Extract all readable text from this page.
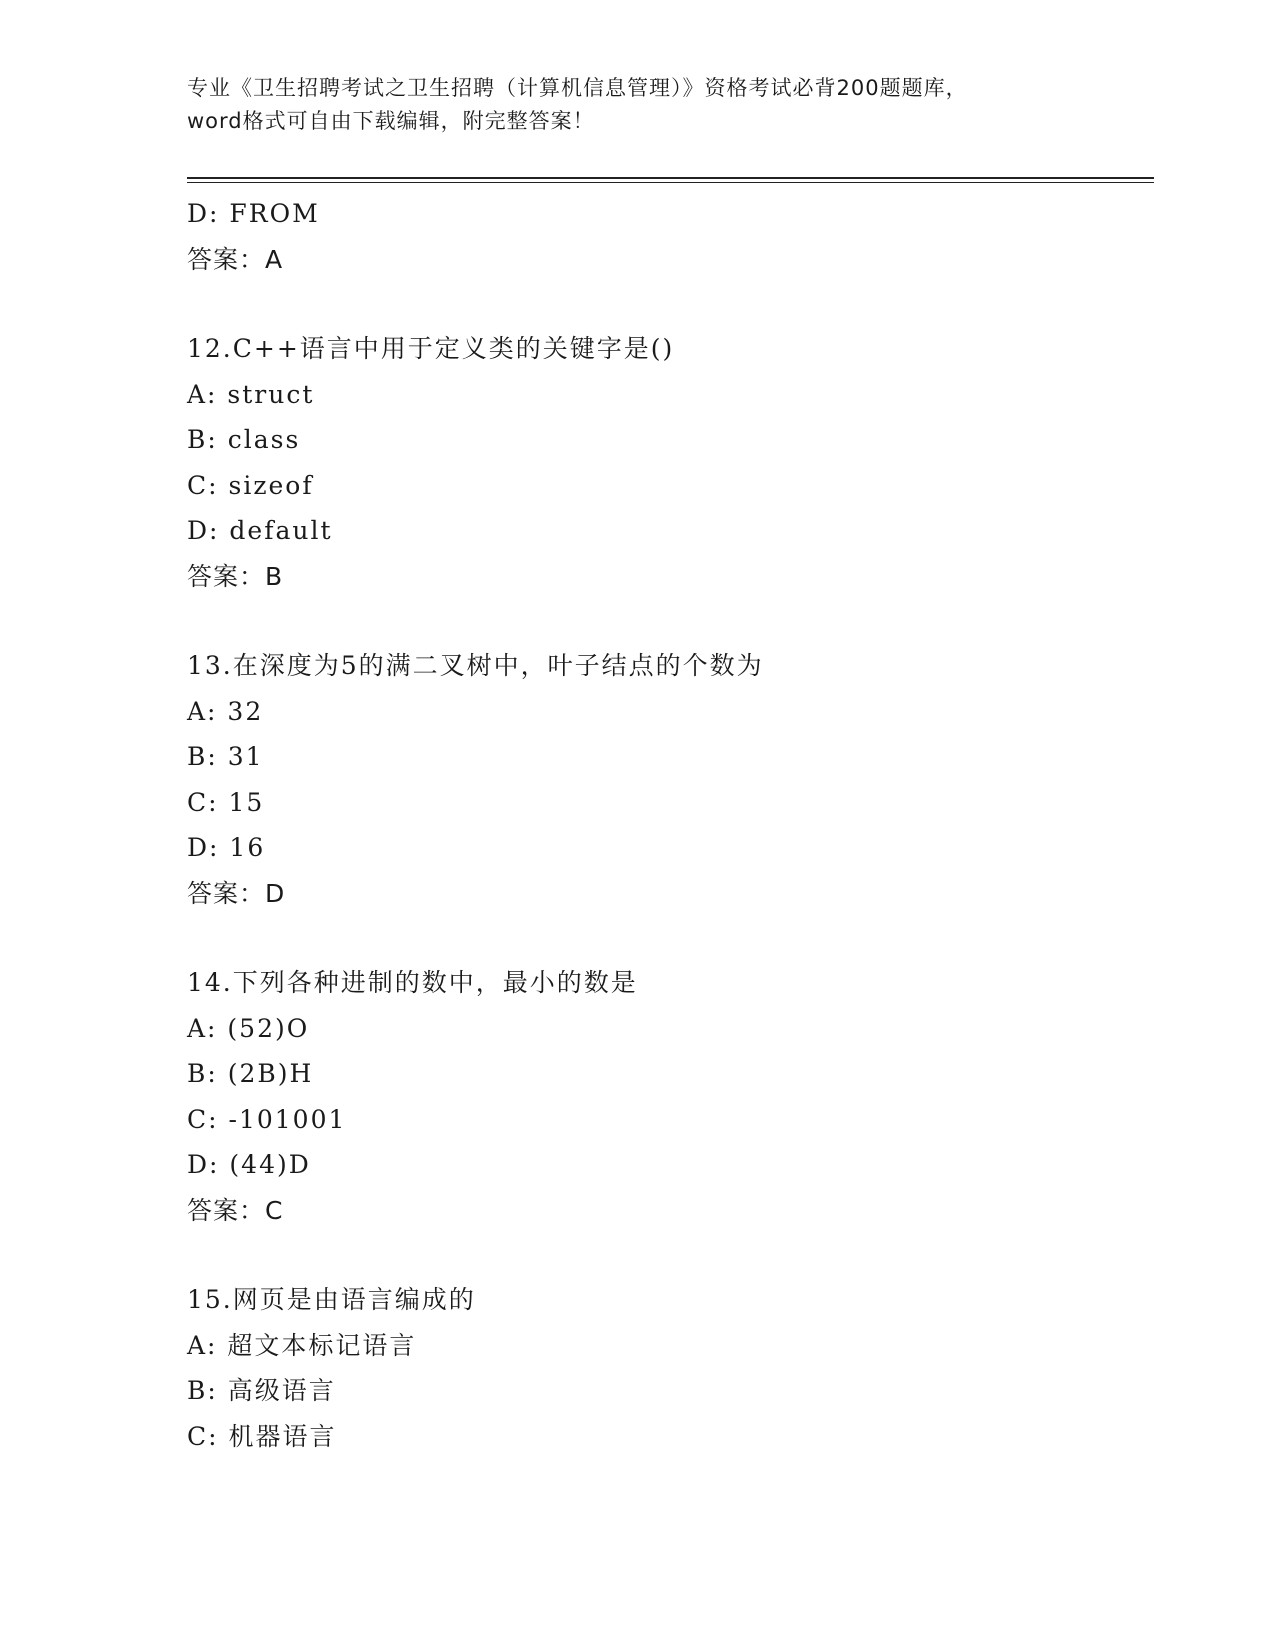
专业《卫生招聘考试之卫生招聘（计算机信息管理）》资格考试必背200题题库，
word格式可自由下载编辑，附完整答案！
D: FROM
答案：A
12.C++语言中用于定义类的关键字是()
A: struct
B: class
C: sizeof
D: default
答案：B
13.在深度为5的满二叉树中，叶子结点的个数为
A: 32
B: 31
C: 15
D: 16
答案：D
14.下列各种进制的数中，最小的数是
A: (52)O
B: (2B)H
C: -101001
D: (44)D
答案：C
15.网页是由语言编成的
A: 超文本标记语言
B: 高级语言
C: 机器语言
